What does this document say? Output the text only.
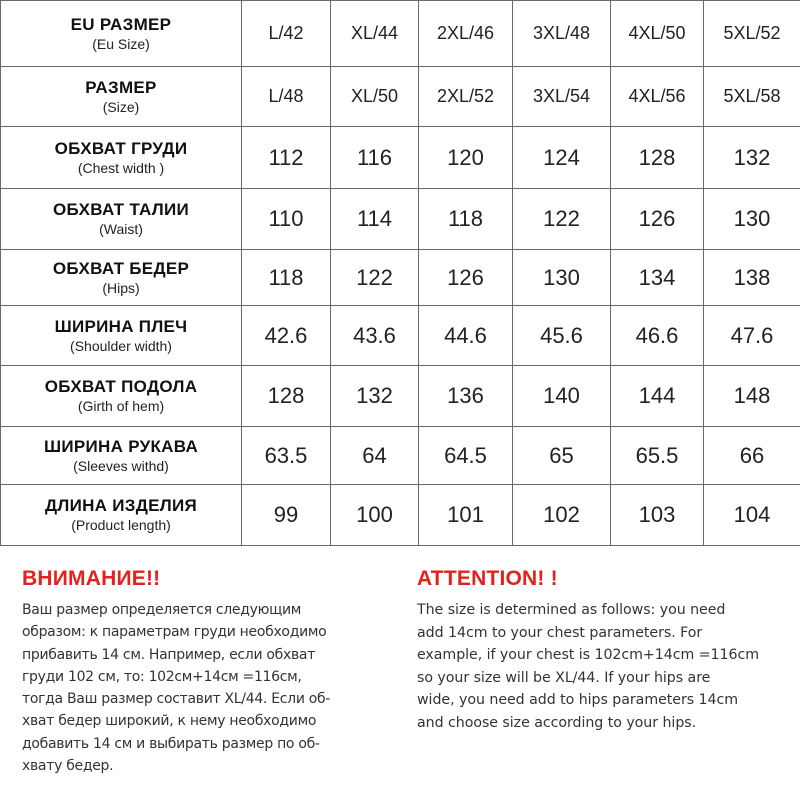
EU РАЗМЕР
(Eu Size)	L/42	XL/44	2XL/46	3XL/48	4XL/50	5XL/52

РАЗМЕР
(Size)	L/48	XL/50	2XL/52	3XL/54	4XL/56	5XL/58

ОБХВАТ ГРУДИ
(Chest width )	112	116	120	124	128	132

ОБХВАТ ТАЛИИ
(Waist)	110	114	118	122	126	130

ОБХВАТ БЕДЕР
(Hips)	118	122	126	130	134	138

ШИРИНА ПЛЕЧ
(Shoulder width)	42.6	43.6	44.6	45.6	46.6	47.6

ОБХВАТ ПОДОЛА
(Girth of hem)	128	132	136	140	144	148

ШИРИНА РУКАВА
(Sleeves withd)	63.5	64	64.5	65	65.5	66

ДЛИНА ИЗДЕЛИЯ
(Product length)	99	100	101	102	103	104
ВНИМАНИЕ!!

Ваш размер определяется следующим
образом: к параметрам груди необходимо
прибавить 14 см. Например, если обхват
груди 102 см, то: 102см+14см =116см,
тогда Ваш размер составит XL/44. Если об-
хват бедер широкий, к нему необходимо
добавить 14 см и выбирать размер по об-
хвату бедер.

ATTENTION! !

The size is determined as follows: you need
add 14cm to your chest parameters. For
example, if your chest is 102cm+14cm =116cm
so your size will be XL/44. If your hips are
wide, you need add to hips parameters 14cm
and choose size according to your hips.
